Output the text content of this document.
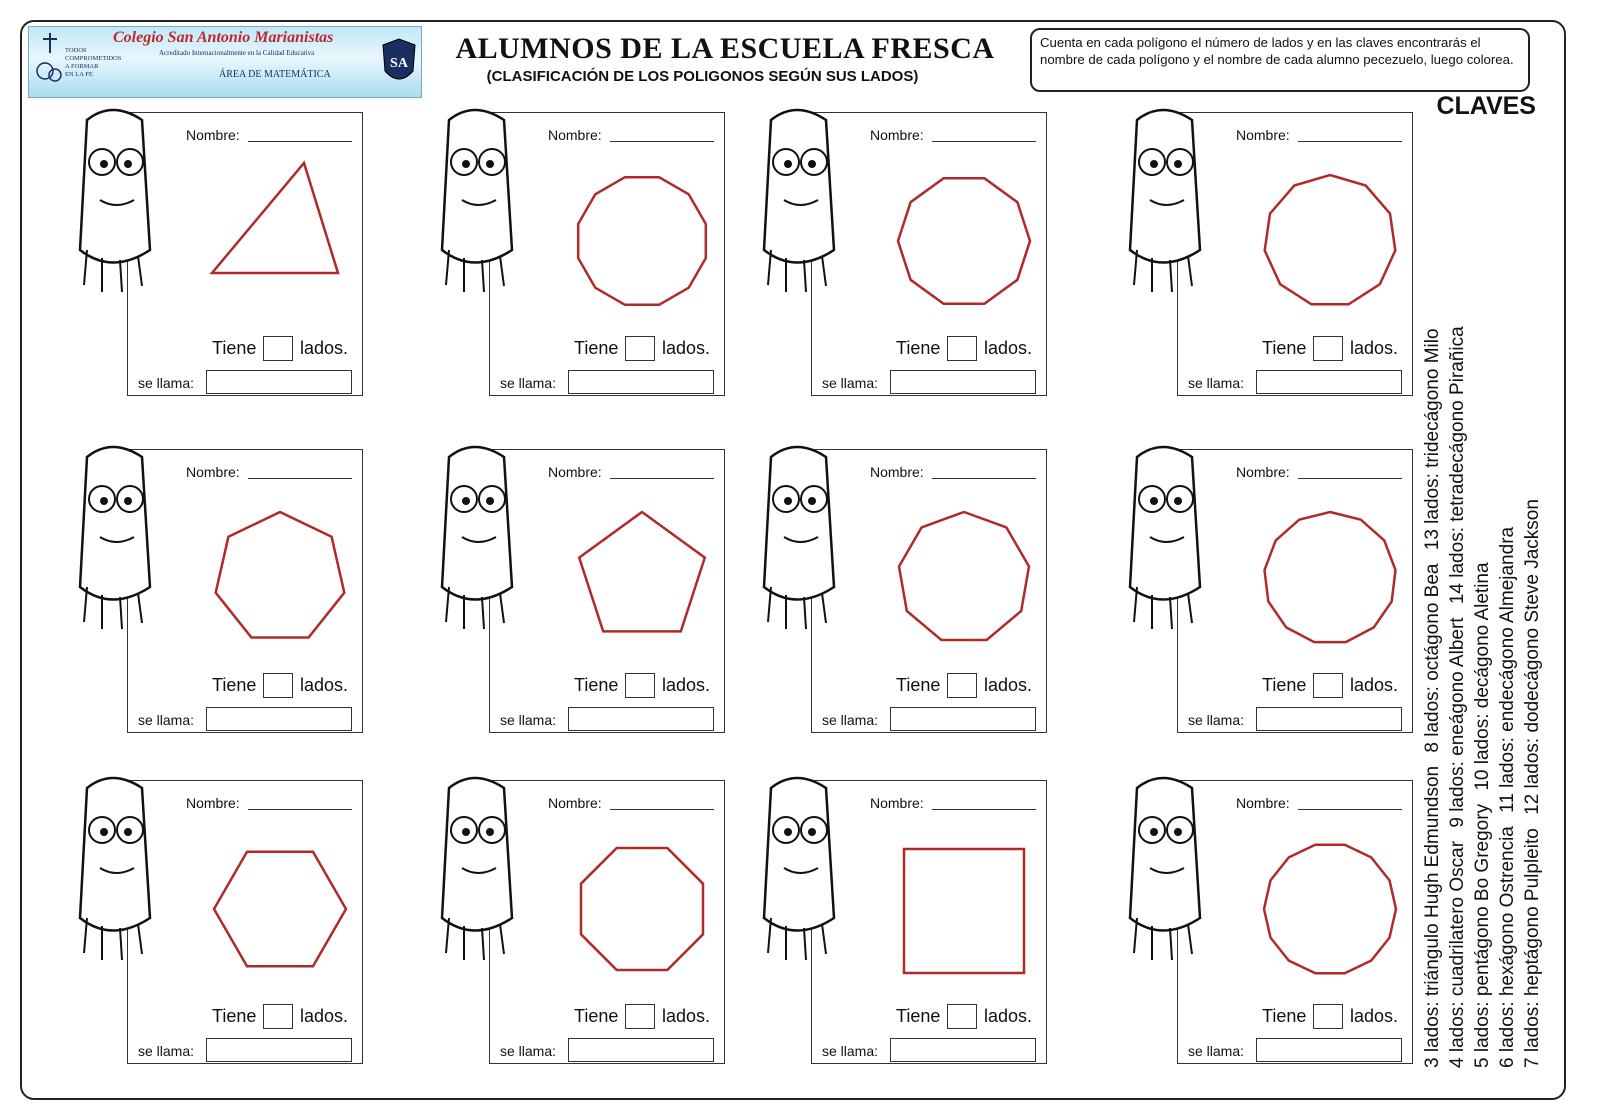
Colegio San Antonio Marianistas
Acreditado Internacionalmente en la Calidad Educativa
TODOS
COMPROMETIDOS
A FORMAR
EN LA FE	ÁREA DE MATEMÁTICA
SA	ALUMNOS DE LA ESCUELA FRESCA
(CLASIFICACIÓN DE LOS POLIGONOS SEGÚN SUS LADOS)
Cuenta en cada polígono el número de lados y en las claves encontrarás el nombre de cada polígono y el nombre de cada alumno pecezuelo, luego colorea.
CLAVES
3 lados: triángulo Hugh Edmundson 8 lados: octágono Bea 13 lados: tridecágono Milo
4 lados: cuadrilatero Oscar 9 lados: eneágono Albert 14 lados: tetradecágono Pirañica
5 lados: pentágono Bo Gregory 10 lados: decágono Aletina
6 lados: hexágono Ostrencia 11 lados: endecágono Almejandra
7 lados: heptágono Pulpleito 12 lados: dodecágono Steve Jackson
Nombre:
Tiene lados.
se llama:
Nombre:
Tiene lados.
se llama:
Nombre:
Tiene lados.
se llama:
Nombre:
Tiene lados.
se llama:
Nombre:
Tiene lados.
se llama:
Nombre:
Tiene lados.
se llama:
Nombre:
Tiene lados.
se llama:
Nombre:
Tiene lados.
se llama:
Nombre:
Tiene lados.
se llama:
Nombre:
Tiene lados.
se llama:
Nombre:
Tiene lados.
se llama:
Nombre:
Tiene lados.
se llama:
